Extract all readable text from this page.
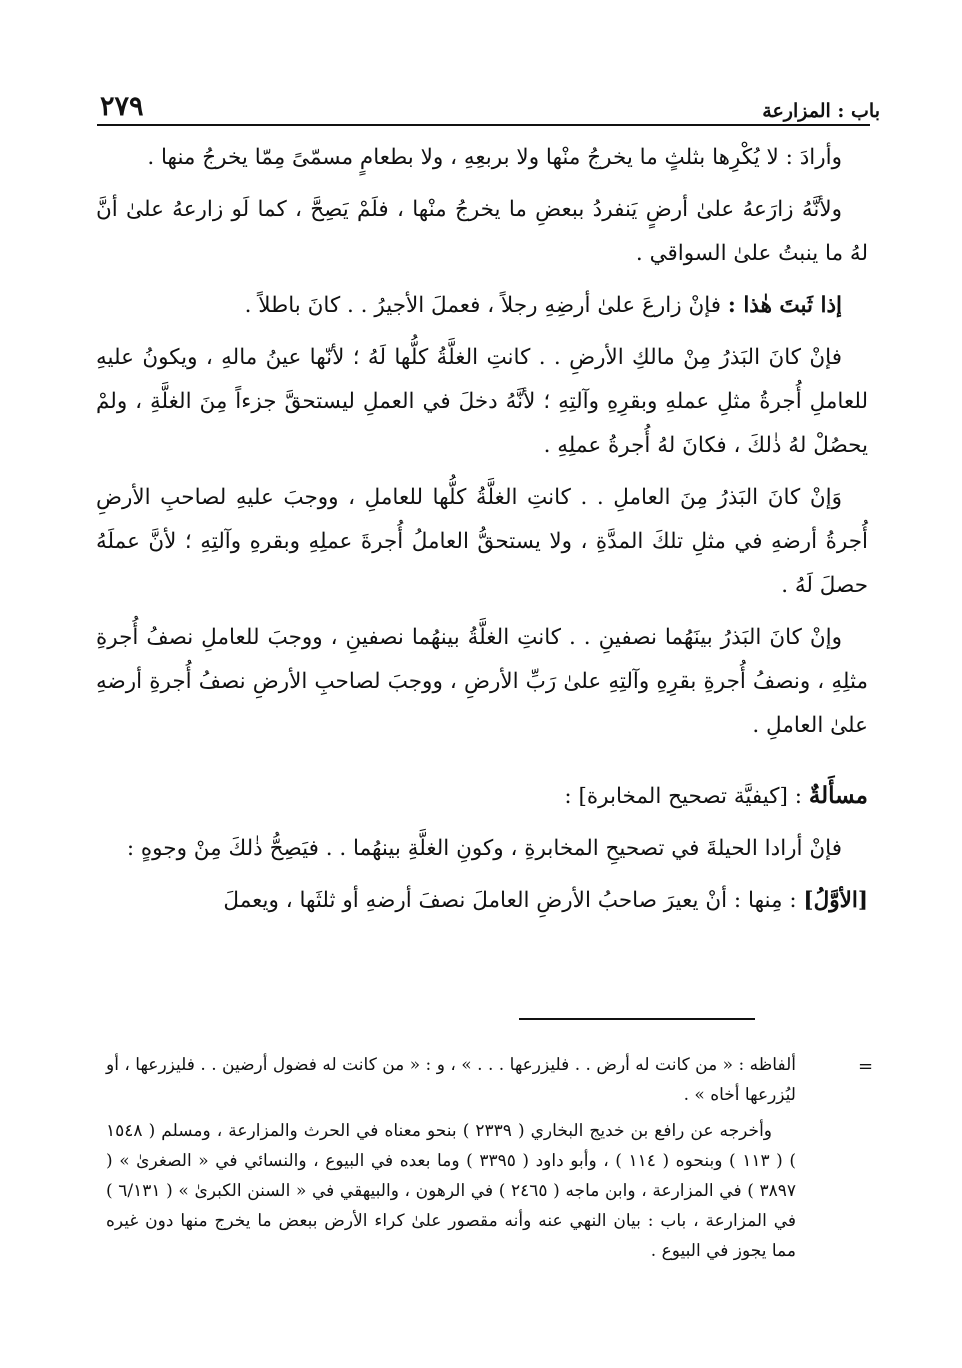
باب : المزارعة
٢٧٩

وأرادَ : لا يُكْرِها بثلثٍ ما يخرجُ منْها ولا بربعِهِ ، ولا بطعامٍ مسمّىً مِمّا يخرجُ منها .

ولأنَّهُ زارَعهُ علىٰ أرضٍ يَنفردُ ببعضِ ما يخرجُ منْها ، فلَمْ يَصِحَّ ، كما لَو زارعهُ علىٰ أنَّ لهُ ما ينبتُ علىٰ السواقي .

إذا ثَبتَ هٰذا : فإنْ زارعَ علىٰ أرضِهِ رجلاً ، فعملَ الأجيرُ . . كانَ باطلاً .

فإنْ كانَ البَذرُ مِنْ مالكِ الأرضِ . . كانتِ الغلَّةُ كلُّها لَهُ ؛ لأنّها عينُ مالهِ ، ويكونُ عليهِ للعاملِ أُجرةُ مثلِ عملهِ وبقرِهِ وآلتِهِ ؛ لأنَّهُ دخلَ في العملِ ليستحقَّ جزءاً مِنَ الغلَّةِ ، ولمْ يحصُلْ لهُ ذٰلكَ ، فكانَ لهُ أُجرةُ عملِهِ .

وَإنْ كانَ البَذرُ مِنَ العاملِ . . كانتِ الغلَّةُ كلُّها للعاملِ ، ووجبَ عليهِ لصاحبِ الأرضِ أُجرةُ أرضهِ في مثلِ تلكَ المدَّةِ ، ولا يستحقُّ العاملُ أُجرةَ عملِهِ وبقرهِ وآلتِهِ ؛ لأنَّ عملَهُ حصلَ لَهُ .

وإنْ كانَ البَذرُ بينَهُما نصفينِ . . كانتِ الغلَّةُ بينهُما نصفينِ ، ووجبَ للعاملِ نصفُ أُجرةِ مثلِهِ ، ونصفُ أُجرةِ بقرِهِ وآلتِهِ علىٰ رَبِّ الأرضِ ، ووجبَ لصاحبِ الأرضِ نصفُ أُجرةِ أرضهِ علىٰ العاملِ .

مسأَلةٌ : [كيفيَّة تصحيح المخابرة] :

فإنْ أرادا الحيلةَ في تصحيحِ المخابرةِ ، وكونِ الغلَّةِ بينهُما . . فيَصِحُّ ذٰلكَ مِنْ وجوهٍ :

[الأوَّلُ] : مِنها : أنْ يعيرَ صاحبُ الأرضِ العاملَ نصفَ أرضهِ أو ثلثَها ، ويعملَ

=

ألفاظه : « من كانت له أرض . . فليزرعها . . . » ، و : « من كانت له فضول أرضين . . فليزرعها ، أو ليُزرعها أخاه » .

وأخرجه عن رافع بن خديج البخاري ( ٢٣٣٩ ) بنحو معناه في الحرث والمزارعة ، ومسلم ( ١٥٤٨ ) ( ١١٣ ) وبنحوه ( ١١٤ ) ، وأبو داود ( ٣٣٩٥ ) وما بعده في البيوع ، والنسائي في « الصغرىٰ » ( ٣٨٩٧ ) في المزارعة ، وابن ماجه ( ٢٤٦٥ ) في الرهون ، والبيهقي في « السنن الكبرىٰ » ( ٦/١٣١ ) في المزارعة ، باب : بيان النهي عنه وأنه مقصور علىٰ كراء الأرض ببعض ما يخرج منها دون غيره مما يجوز في البيوع .
